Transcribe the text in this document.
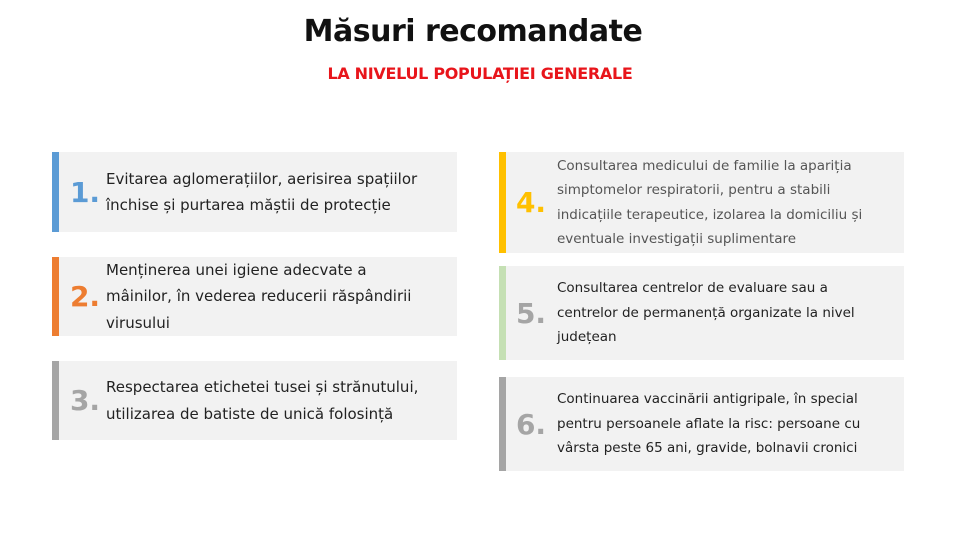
Măsuri recomandate
LA NIVELUL POPULAȚIEI GENERALE
1. Evitarea aglomerațiilor, aerisirea spațiilor închise și purtarea măștii de protecție
2.
Menținerea unei igiene adecvate a mâinilor, în vederea reducerii răspândirii virusului
3. Respectarea etichetei tusei și strănutului, utilizarea de batiste de unică folosință
4.
Consultarea medicului de familie la apariția simptomelor respiratorii, pentru a stabili indicațiile terapeutice, izolarea la domiciliu și eventuale investigații suplimentare
5.
Consultarea centrelor de evaluare sau a centrelor de permanență organizate la nivel județean
6.
Continuarea vaccinării antigripale, în special pentru persoanele aflate la risc: persoane cu vârsta peste 65 ani, gravide, bolnavii cronici
